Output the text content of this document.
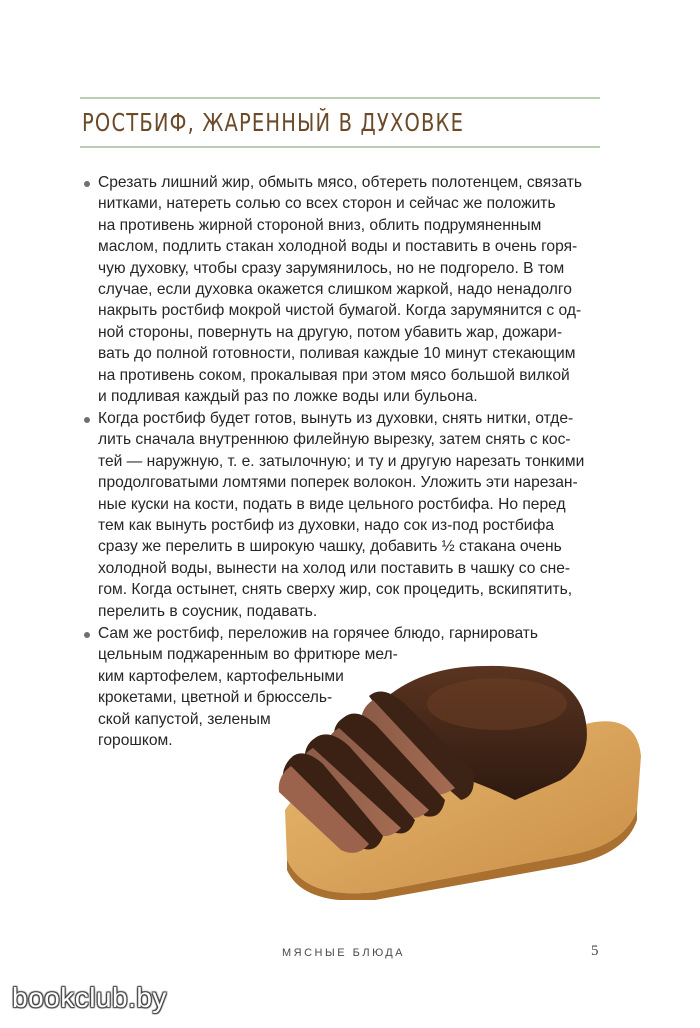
РОСТБИФ, ЖАРЕННЫЙ В ДУХОВКЕ
Срезать лишний жир, обмыть мясо, обтереть полотенцем, связать
нитками, натереть солью со всех сторон и сейчас же положить
на противень жирной стороной вниз, облить подрумяненным
маслом, подлить стакан холодной воды и поставить в очень горя-
чую духовку, чтобы сразу зарумянилось, но не подгорело. В том
случае, если духовка окажется слишком жаркой, надо ненадолго
накрыть ростбиф мокрой чистой бумагой. Когда зарумянится с од-
ной стороны, повернуть на другую, потом убавить жар, дожари-
вать до полной готовности, поливая каждые 10 минут стекающим
на противень соком, прокалывая при этом мясо большой вилкой
и подливая каждый раз по ложке воды или бульона.
Когда ростбиф будет готов, вынуть из духовки, снять нитки, отде-
лить сначала внутреннюю филейную вырезку, затем снять с кос-
тей — наружную, т. е. затылочную; и ту и другую нарезать тонкими
продолговатыми ломтями поперек волокон. Уложить эти нарезан-
ные куски на кости, подать в виде цельного ростбифа. Но перед
тем как вынуть ростбиф из духовки, надо сок из-под ростбифа
сразу же перелить в широкую чашку, добавить ½ стакана очень
холодной воды, вынести на холод или поставить в чашку со сне-
гом. Когда остынет, снять сверху жир, сок процедить, вскипятить,
перелить в соусник, подавать.
Сам же ростбиф, переложив на горячее блюдо, гарнировать
цельным поджаренным во фритюре мел-
ким картофелем, картофельными
крокетами, цветной и брюссель-
ской капустой, зеленым
горошком.
МЯСНЫЕ БЛЮДА	5
bookclub.by
